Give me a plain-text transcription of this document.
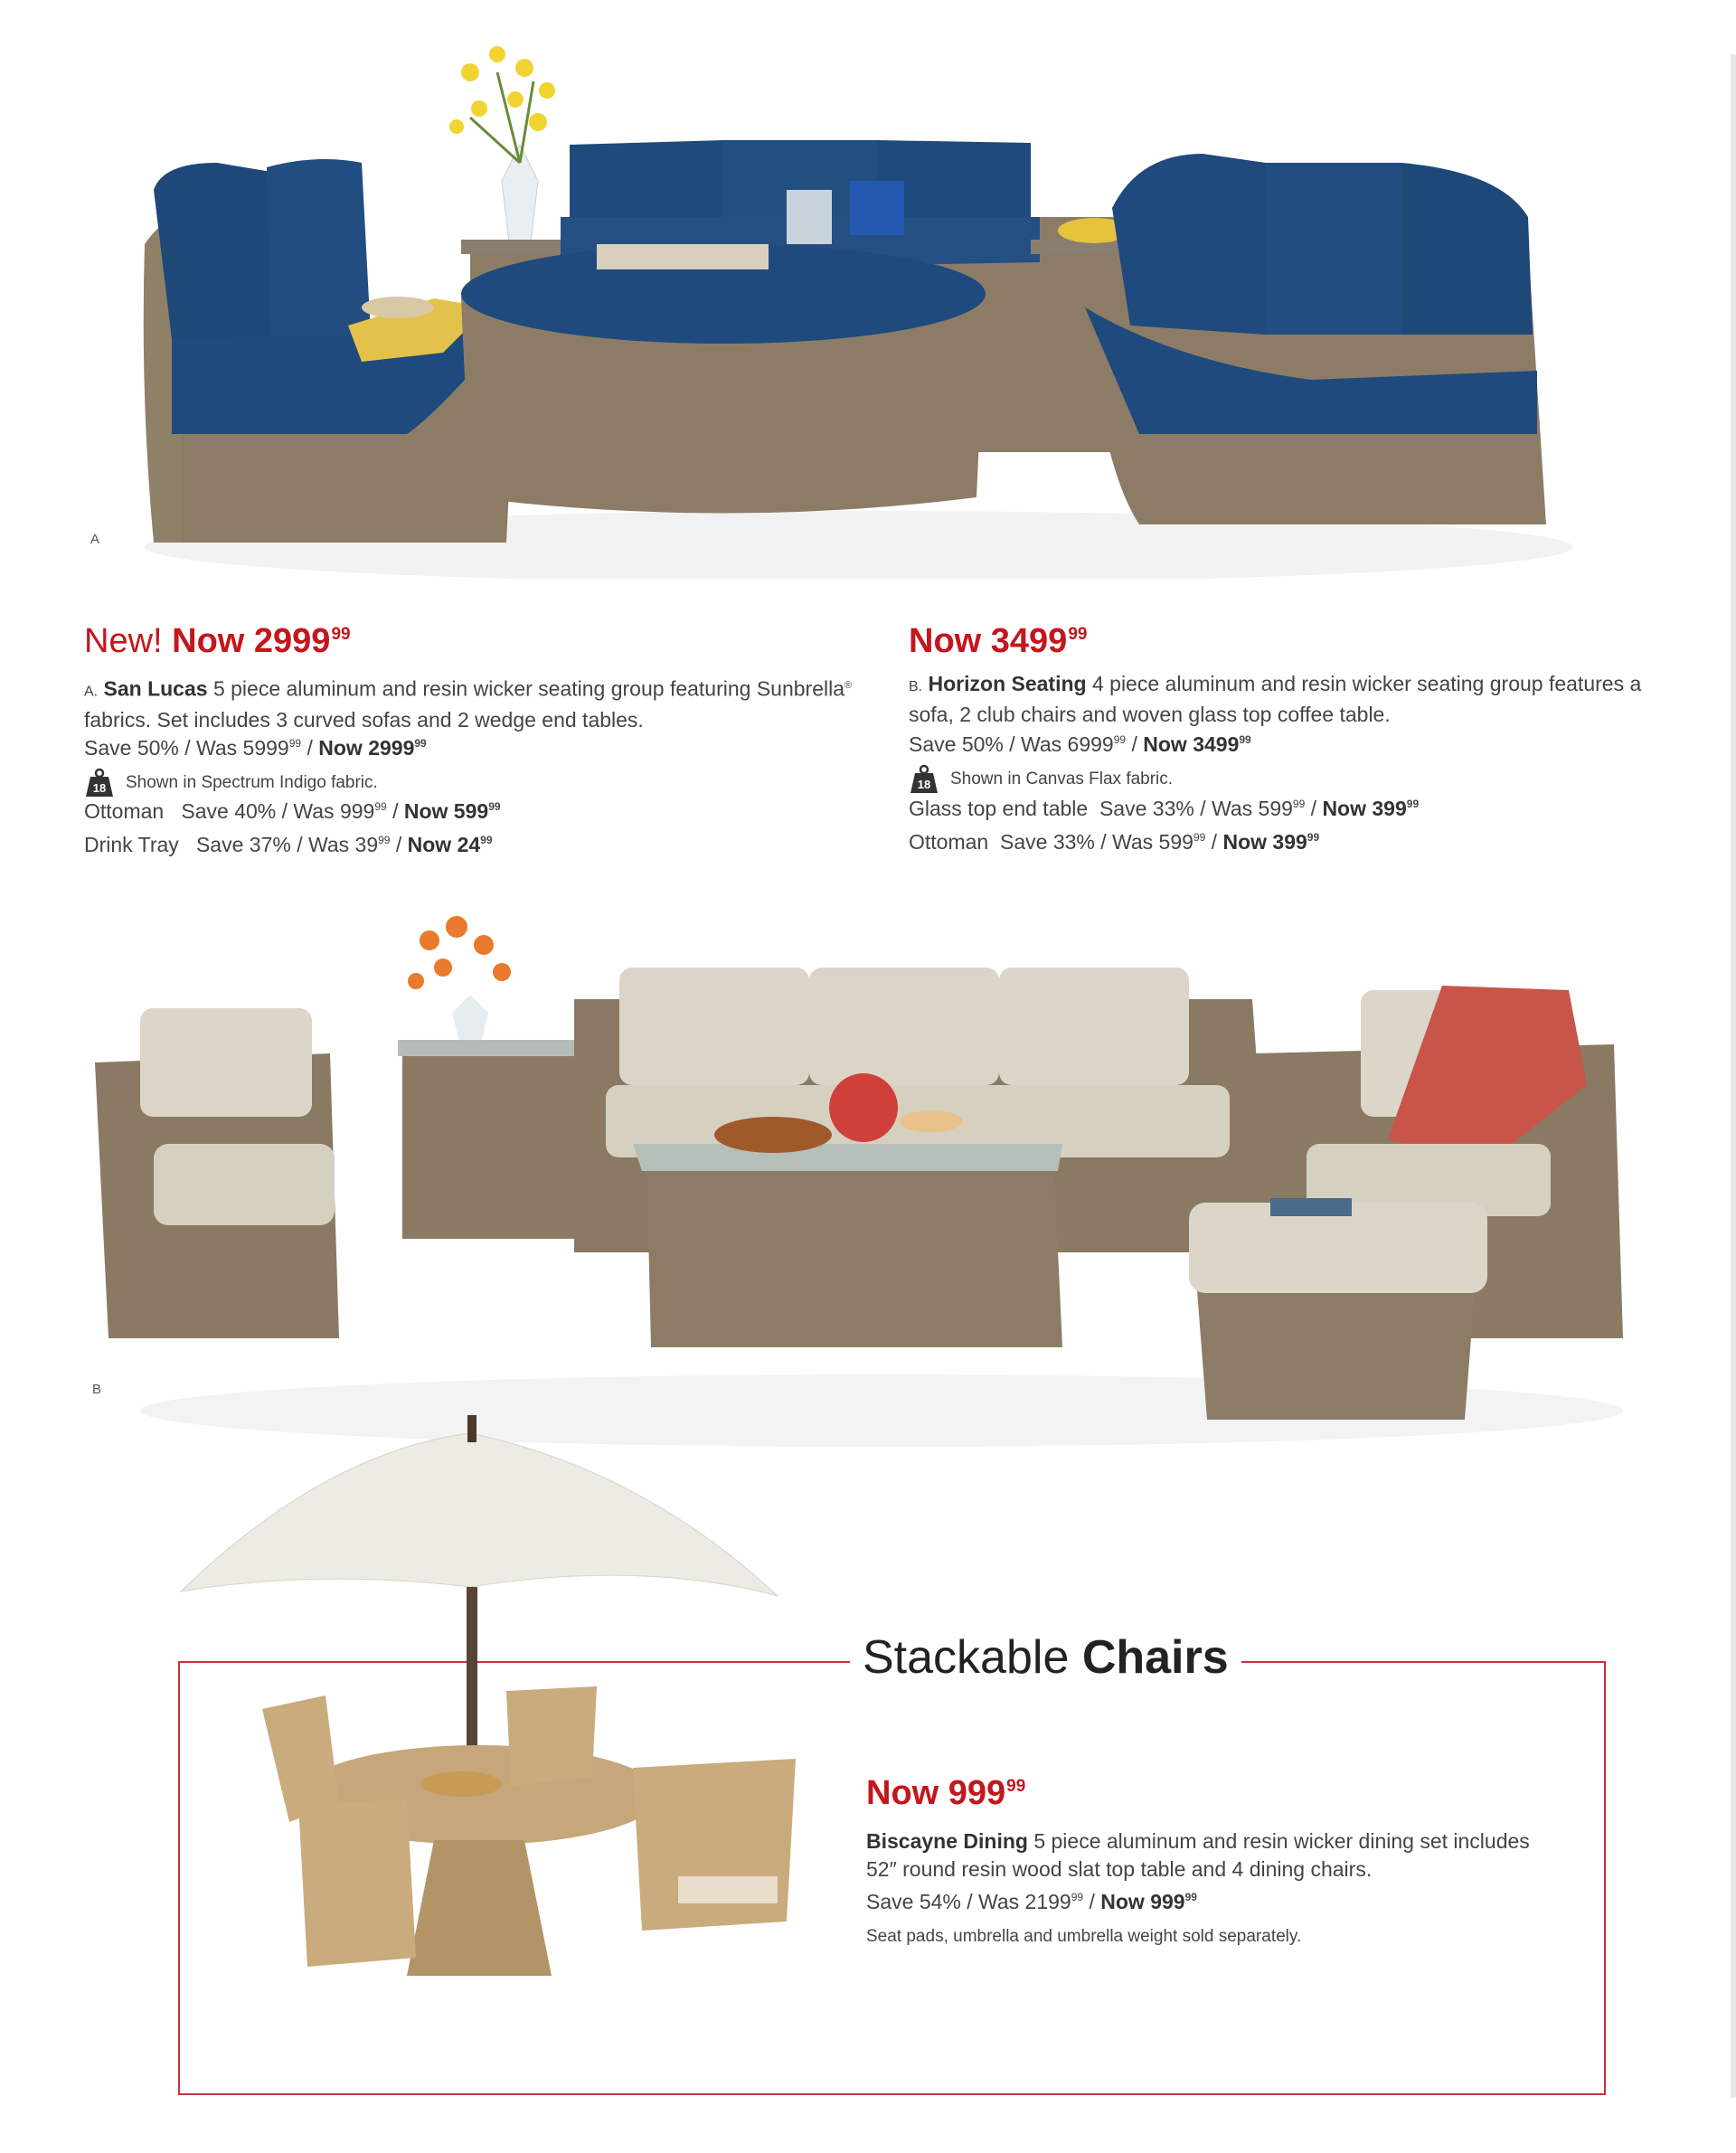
A
New! Now 2999$^{99}$
A. San Lucas 5 piece aluminum and resin wicker seating group featuring Sunbrella® fabrics. Set includes 3 curved sofas and 2 wedge end tables.
Save 50% / Was 5999$^{99}$ / Now 2999$^{99}$
18 Shown in Spectrum Indigo fabric.
Ottoman Save 40% / Was $999^{99}$ / Now $599^{99}$
Drink Tray Save 37% / Was $39^{99}$ / Now $24^{99}$
Now 3499$^{99}$
B. Horizon Seating 4 piece aluminum and resin wicker seating group features a sofa, 2 club chairs and woven glass top coffee table.
Save 50% / Was 6999$^{99}$ / Now 3499$^{99}$
18 Shown in Canvas Flax fabric.
Glass top end table Save 33% / Was $599^{99}$ / Now $399^{99}$
Ottoman Save 33% / Was $599^{99}$ / Now $399^{99}$
B
Stackable Chairs
Now $999^{99}$
Biscayne Dining 5 piece aluminum and resin wicker dining set includes 52″ round resin wood slat top table and 4 dining chairs.
Save 54% / Was 2199$^{99}$ / Now $999^{99}$
Seat pads, umbrella and umbrella weight sold separately.
